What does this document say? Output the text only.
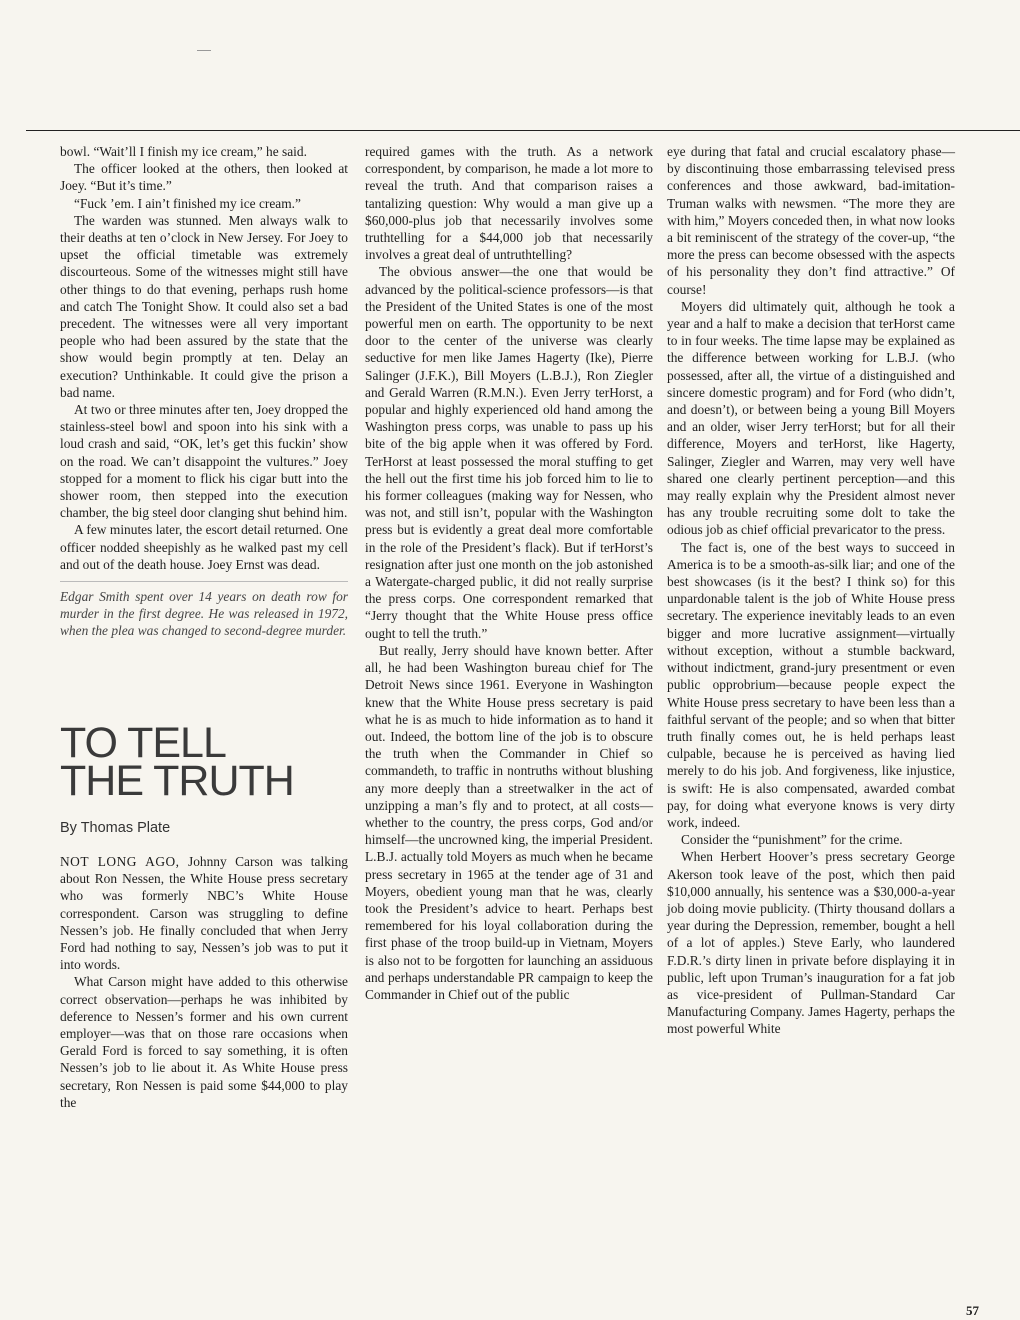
bowl. “Wait’ll I finish my ice cream,” he said.

The officer looked at the others, then looked at Joey. “But it’s time.”

“Fuck ’em. I ain’t finished my ice cream.”

The warden was stunned. Men always walk to their deaths at ten o’clock in New Jersey. For Joey to upset the official timetable was extremely discourteous. Some of the witnesses might still have other things to do that evening, perhaps rush home and catch The Tonight Show. It could also set a bad precedent. The witnesses were all very important people who had been assured by the state that the show would begin promptly at ten. Delay an execution? Unthinkable. It could give the prison a bad name.

At two or three minutes after ten, Joey dropped the stainless-steel bowl and spoon into his sink with a loud crash and said, “OK, let’s get this fuckin’ show on the road. We can’t disappoint the vultures.” Joey stopped for a moment to flick his cigar butt into the shower room, then stepped into the execution chamber, the big steel door clanging shut behind him.

A few minutes later, the escort detail returned. One officer nodded sheepishly as he walked past my cell and out of the death house. Joey Ernst was dead.

Edgar Smith spent over 14 years on death row for murder in the first degree. He was released in 1972, when the plea was changed to second-degree murder.

TO TELL
THE TRUTH
By Thomas Plate

NOT LONG AGO, Johnny Carson was talking about Ron Nessen, the White House press secretary who was formerly NBC’s White House correspondent. Carson was struggling to define Nessen’s job. He finally concluded that when Jerry Ford had nothing to say, Nessen’s job was to put it into words.

What Carson might have added to this otherwise correct observation—perhaps he was inhibited by deference to Nessen’s former and his own current employer—was that on those rare occasions when Gerald Ford is forced to say something, it is often Nessen’s job to lie about it. As White House press secretary, Ron Nessen is paid some $44,000 to play the

required games with the truth. As a network correspondent, by comparison, he made a lot more to reveal the truth. And that comparison raises a tantalizing question: Why would a man give up a $60,000-plus job that necessarily involves some truthtelling for a $44,000 job that necessarily involves a great deal of untruthtelling?

The obvious answer—the one that would be advanced by the political-science professors—is that the President of the United States is one of the most powerful men on earth. The opportunity to be next door to the center of the universe was clearly seductive for men like James Hagerty (Ike), Pierre Salinger (J.F.K.), Bill Moyers (L.B.J.), Ron Ziegler and Gerald Warren (R.M.N.). Even Jerry terHorst, a popular and highly experienced old hand among the Washington press corps, was unable to pass up his bite of the big apple when it was offered by Ford. TerHorst at least possessed the moral stuffing to get the hell out the first time his job forced him to lie to his former colleagues (making way for Nessen, who was not, and still isn’t, popular with the Washington press but is evidently a great deal more comfortable in the role of the President’s flack). But if terHorst’s resignation after just one month on the job astonished a Watergate-charged public, it did not really surprise the press corps. One correspondent remarked that “Jerry thought that the White House press office ought to tell the truth.”

But really, Jerry should have known better. After all, he had been Washington bureau chief for The Detroit News since 1961. Everyone in Washington knew that the White House press secretary is paid what he is as much to hide information as to hand it out. Indeed, the bottom line of the job is to obscure the truth when the Commander in Chief so commandeth, to traffic in nontruths without blushing any more deeply than a streetwalker in the act of unzipping a man’s fly and to protect, at all costs—whether to the country, the press corps, God and/or himself—the uncrowned king, the imperial President. L.B.J. actually told Moyers as much when he became press secretary in 1965 at the tender age of 31 and Moyers, obedient young man that he was, clearly took the President’s advice to heart. Perhaps best remembered for his loyal collaboration during the first phase of the troop build-up in Vietnam, Moyers is also not to be forgotten for launching an assiduous and perhaps understandable PR campaign to keep the Commander in Chief out of the public

eye during that fatal and crucial escalatory phase—by discontinuing those embarrassing televised press conferences and those awkward, bad-imitation-Truman walks with newsmen. “The more they are with him,” Moyers conceded then, in what now looks a bit reminiscent of the strategy of the cover-up, “the more the press can become obsessed with the aspects of his personality they don’t find attractive.” Of course!

Moyers did ultimately quit, although he took a year and a half to make a decision that terHorst came to in four weeks. The time lapse may be explained as the difference between working for L.B.J. (who possessed, after all, the virtue of a distinguished and sincere domestic program) and for Ford (who didn’t, and doesn’t), or between being a young Bill Moyers and an older, wiser Jerry terHorst; but for all their difference, Moyers and terHorst, like Hagerty, Salinger, Ziegler and Warren, may very well have shared one clearly pertinent perception—and this may really explain why the President almost never has any trouble recruiting some dolt to take the odious job as chief official prevaricator to the press.

The fact is, one of the best ways to succeed in America is to be a smooth-as-silk liar; and one of the best showcases (is it the best? I think so) for this unpardonable talent is the job of White House press secretary. The experience inevitably leads to an even bigger and more lucrative assignment—virtually without exception, without a stumble backward, without indictment, grand-jury presentment or even public opprobrium—because people expect the White House press secretary to have been less than a faithful servant of the people; and so when that bitter truth finally comes out, he is held perhaps least culpable, because he is perceived as having lied merely to do his job. And forgiveness, like injustice, is swift: He is also compensated, awarded combat pay, for doing what everyone knows is very dirty work, indeed.

Consider the “punishment” for the crime.

When Herbert Hoover’s press secretary George Akerson took leave of the post, which then paid $10,000 annually, his sentence was a $30,000-a-year job doing movie publicity. (Thirty thousand dollars a year during the Depression, remember, bought a hell of a lot of apples.) Steve Early, who laundered F.D.R.’s dirty linen in private before displaying it in public, left upon Truman’s inauguration for a fat job as vice-president of Pullman-Standard Car Manufacturing Company. James Hagerty, perhaps the most powerful White

57
